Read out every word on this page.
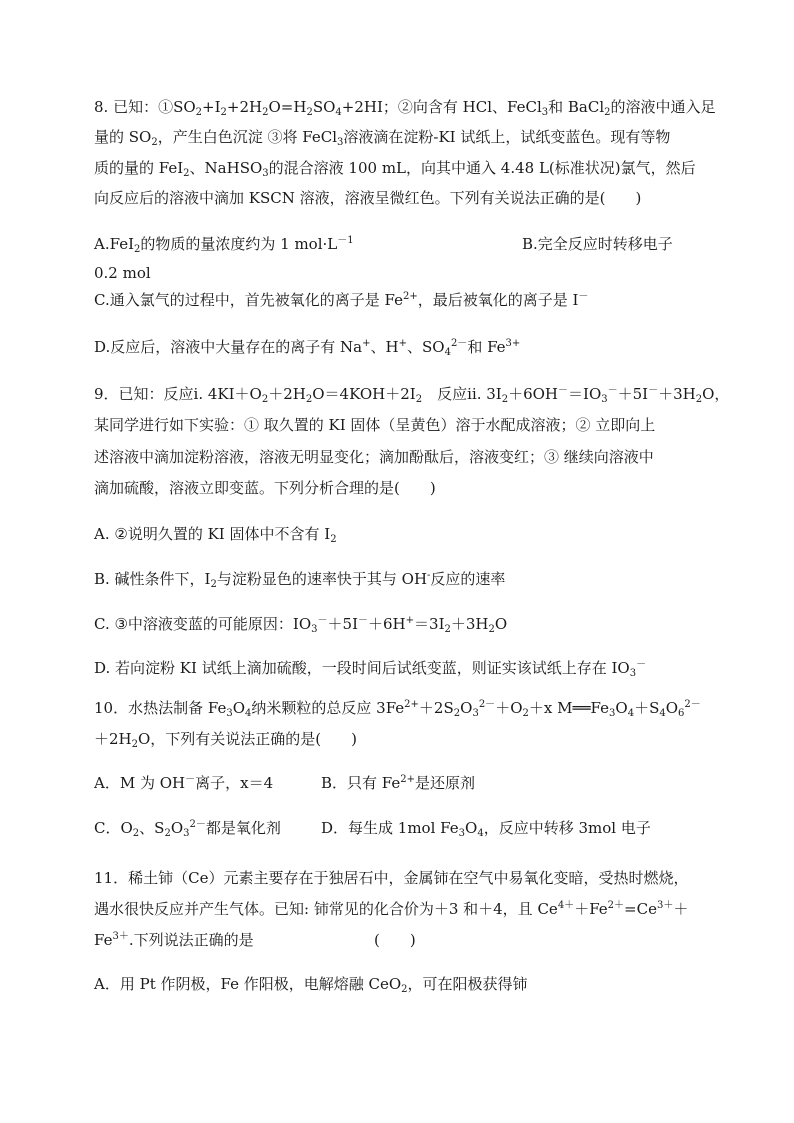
8. 已知：$①SO_2+I_2+2H_2O=H_2SO_4+2HI$；②向含有 HCl、FeCl$_3$和 BaCl$_2$的溶液中通入足
量的 $SO_2$，产生白色沉淀 ③将 FeCl$_3$溶液滴在淀粉-KI 试纸上，试纸变蓝色。现有等物
质的量的 FeI$_2$、NaHSO$_3$的混合溶液 100 mL，向其中通入 4.48 L(标准状况)氯气，然后
向反应后的溶液中滴加 KSCN 溶液，溶液呈微红色。下列有关说法正确的是(　　)
A.FeI$_2$的物质的量浓度约为 1 $mol\cdot L^{-1}$	B.完全反应时转移电子
0.2 mol
C.通入氯气的过程中，首先被氧化的离子是 $Fe^{2+}$，最后被氧化的离子是 I－
D.反应后，溶液中大量存在的离子有 Na+、H+、$SO_4^{2-}$和 $Fe^{3+}$
9．已知：反应ⅰ. $4KI+O_2+2H_2O=4KOH+2I_2$　反应ⅱ. $3I_2+6OH^-=IO_3^-+5I^-+3H_2O$，
某同学进行如下实验：① 取久置的 KI 固体（呈黄色）溶于水配成溶液；② 立即向上
述溶液中滴加淀粉溶液，溶液无明显变化；滴加酚酞后，溶液变红；③ 继续向溶液中
滴加硫酸，溶液立即变蓝。下列分析合理的是(　　)
A. ②说明久置的 KI 固体中不含有 $I_2$
B. 碱性条件下，$I_2$与淀粉显色的速率快于其与 OH-反应的速率
C. ③中溶液变蓝的可能原因：$IO_3^-+5I^-+6H^+=3I_2+3H_2O$
D. 若向淀粉 KI 试纸上滴加硫酸，一段时间后试纸变蓝，则证实该试纸上存在 $IO_3^-$
10．水热法制备 $Fe_3O_4$纳米颗粒的总反应 $3Fe^{2+}+2S_2O_3^{2-}+O_2+x$ $M══Fe_3O_4+S_4O_6^{2-}$
$+2H_2O$，下列有关说法正确的是(　　)
A．M 为 OH－离子，x＝4	B．只有 $Fe^{2+}$是还原剂
C．$O_2$、$S_2O_3^{2-}$都是氧化剂	D．每生成 1mol $Fe_3O_4$，反应中转移 3mol 电子
11．稀土铈（Ce）元素主要存在于独居石中，金属铈在空气中易氧化变暗，受热时燃烧，
遇水很快反应并产生气体。已知: 铈常见的化合价为＋3 和＋4，且 $Ce^{4+}+Fe^{2+}=Ce^{3+}+$
$Fe^{3+}$.下列说法正确的是	(　　)
A．用 Pt 作阴极，Fe 作阳极，电解熔融 CeO$_2$，可在阳极获得铈
